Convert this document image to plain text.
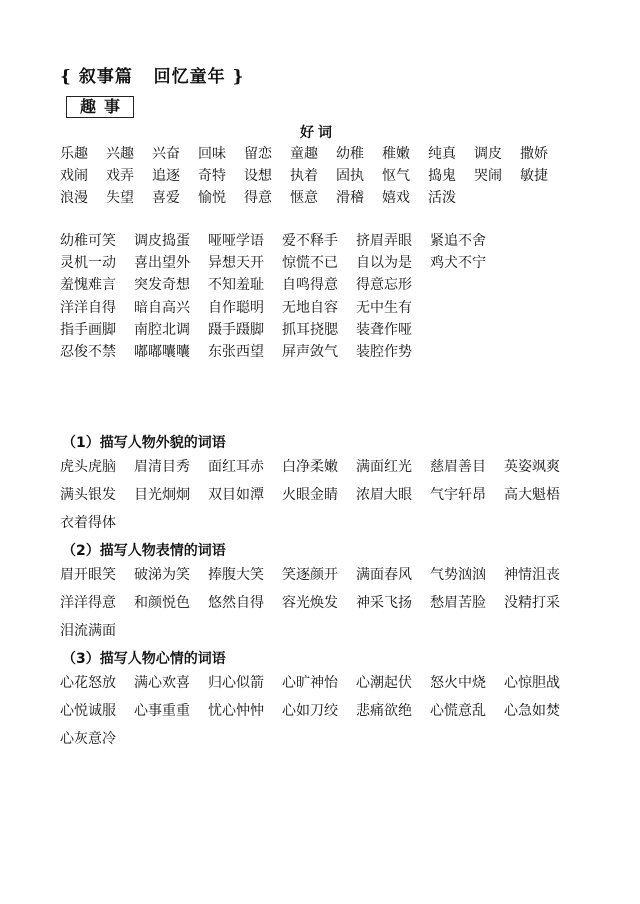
{ 叙事篇   回忆童年 }
趣事
好词
乐趣 兴趣 兴奋 回味 留恋 童趣 幼稚 稚嫩 纯真 调皮 撒娇
戏闹 戏弄 追逐 奇特 设想 执着 固执 怄气 捣鬼 哭闹 敏捷
浪漫 失望 喜爱 愉悦 得意 惬意 滑稽 嬉戏 活泼
幼稚可笑 调皮捣蛋 哑哑学语 爱不释手 挤眉弄眼 紧追不舍
灵机一动 喜出望外 异想天开 惊慌不已 自以为是 鸡犬不宁
羞愧难言 突发奇想 不知羞耻 自鸣得意 得意忘形
洋洋自得 暗自高兴 自作聪明 无地自容 无中生有
指手画脚 南腔北调 蹑手蹑脚 抓耳挠腮 装聋作哑
忍俊不禁 嘟嘟囔囔 东张西望 屏声敛气 装腔作势
（1）描写人物外貌的词语
虎头虎脑 眉清目秀 面红耳赤 白净柔嫩 满面红光 慈眉善目 英姿飒爽
满头银发 目光炯炯 双目如潭 火眼金睛 浓眉大眼 气宇轩昂 高大魁梧
衣着得体
（2）描写人物表情的词语
眉开眼笑 破涕为笑 捧腹大笑 笑逐颜开 满面春风 气势汹汹 神情沮丧
洋洋得意 和颜悦色 悠然自得 容光焕发 神采飞扬 愁眉苦脸 没精打采
泪流满面
（3）描写人物心情的词语
心花怒放 满心欢喜 归心似箭 心旷神怡 心潮起伏 怒火中烧 心惊胆战
心悦诚服 心事重重 忧心忡忡 心如刀绞 悲痛欲绝 心慌意乱 心急如焚
心灰意冷
